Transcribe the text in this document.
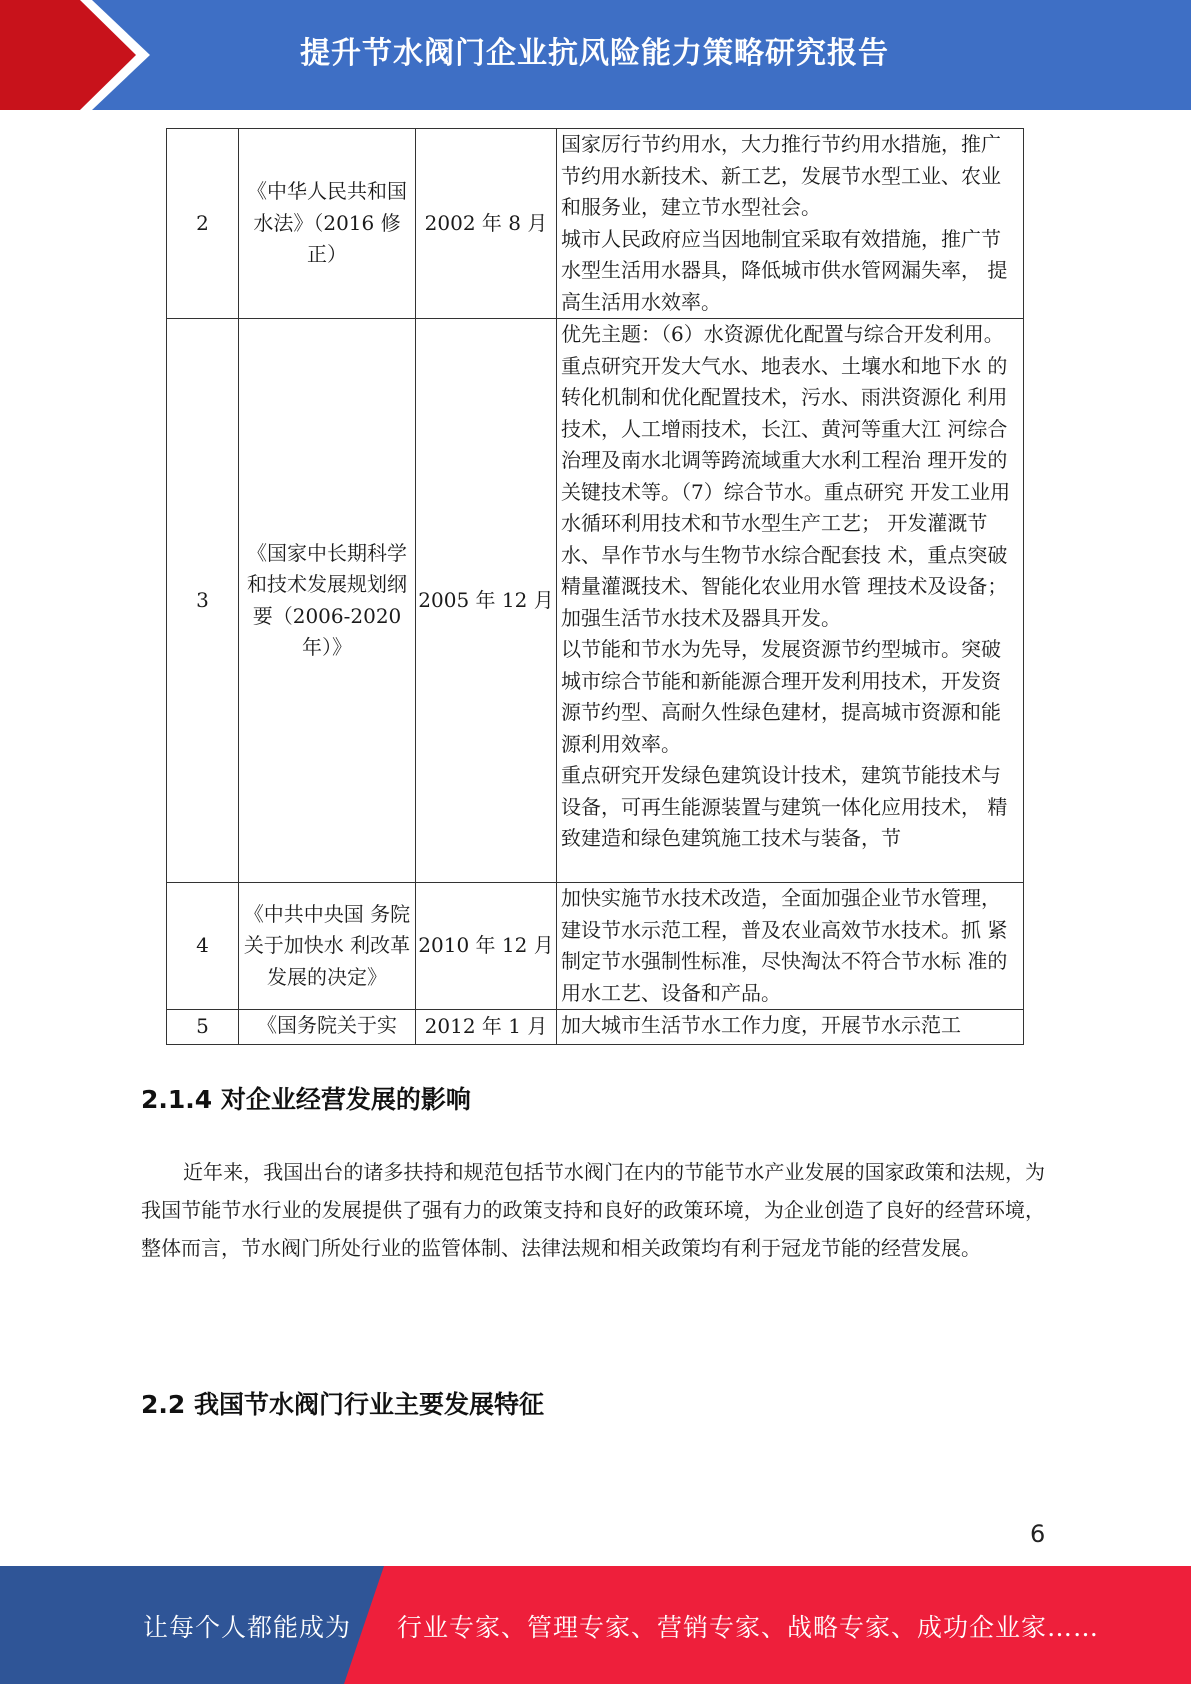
提升节水阀门企业抗风险能力策略研究报告
2	《中华人民共和国水法》（2016 修正）	2002 年 8 月	国家厉行节约用水，大力推行节约用水措施，推广节约用水新技术、新工艺，发展节水型工业、农业和服务业，建立节水型社会。
城市人民政府应当因地制宜采取有效措施，推广节水型生活用水器具，降低城市供水管网漏失率， 提高生活用水效率。

3	《国家中长期科学和技术发展规划纲要（2006-2020 年）》	2005 年 12 月	优先主题：（6）水资源优化配置与综合开发利用。 重点研究开发大气水、地表水、土壤水和地下水 的转化机制和优化配置技术，污水、雨洪资源化 利用技术，人工增雨技术，长江、黄河等重大江 河综合治理及南水北调等跨流域重大水利工程治 理开发的关键技术等。（7）综合节水。重点研究 开发工业用水循环利用技术和节水型生产工艺； 开发灌溉节水、旱作节水与生物节水综合配套技 术，重点突破精量灌溉技术、智能化农业用水管 理技术及设备；加强生活节水技术及器具开发。
以节能和节水为先导，发展资源节约型城市。突破城市综合节能和新能源合理开发利用技术，开发资源节约型、高耐久性绿色建材，提高城市资源和能源利用效率。
重点研究开发绿色建筑设计技术，建筑节能技术与设备，可再生能源装置与建筑一体化应用技术， 精致建造和绿色建筑施工技术与装备，节

4	《中共中央国 务院关于加快水 利改革发展的决定》	2010 年 12 月	加快实施节水技术改造，全面加强企业节水管理， 建设节水示范工程，普及农业高效节水技术。抓 紧制定节水强制性标准，尽快淘汰不符合节水标 准的用水工艺、设备和产品。

5	《国务院关于实	2012 年 1 月	加大城市生活节水工作力度，开展节水示范工
2.1.4 对企业经营发展的影响

近年来，我国出台的诸多扶持和规范包括节水阀门在内的节能节水产业发展的国家政策和法规，为我国节能节水行业的发展提供了强有力的政策支持和良好的政策环境，为企业创造了良好的经营环境，整体而言，节水阀门所处行业的监管体制、法律法规和相关政策均有利于冠龙节能的经营发展。

2.2 我国节水阀门行业主要发展特征
6
让每个人都能成为 行业专家、管理专家、营销专家、战略专家、成功企业家……
